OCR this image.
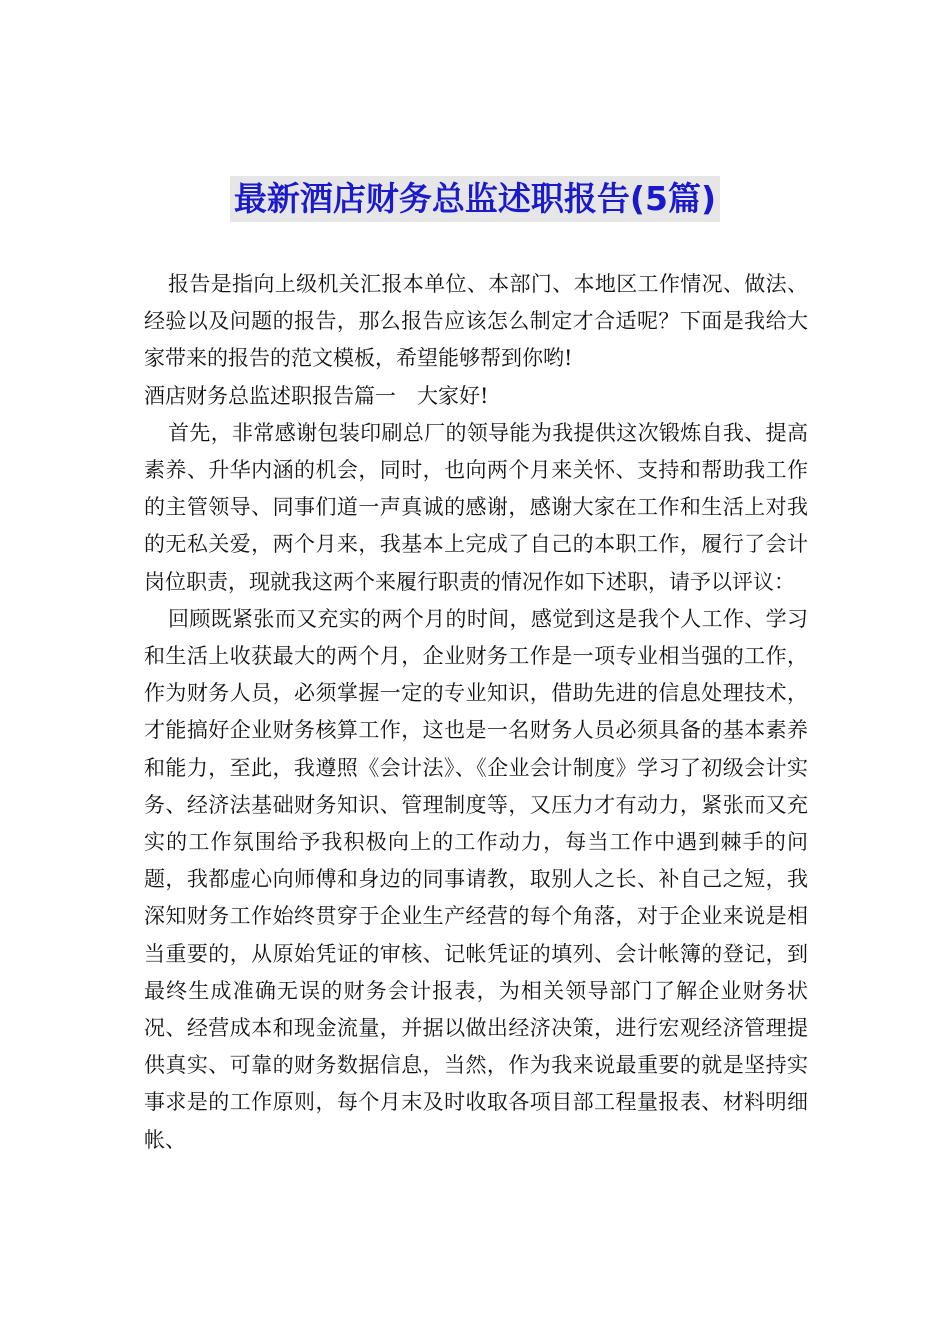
最新酒店财务总监述职报告(5篇)

报告是指向上级机关汇报本单位、本部门、本地区工作情况、做法、经验以及问题的报告，那么报告应该怎么制定才合适呢？下面是我给大家带来的报告的范文模板，希望能够帮到你哟!

酒店财务总监述职报告篇一　大家好!

首先，非常感谢包装印刷总厂的领导能为我提供这次锻炼自我、提高素养、升华内涵的机会，同时，也向两个月来关怀、支持和帮助我工作的主管领导、同事们道一声真诚的感谢，感谢大家在工作和生活上对我的无私关爱，两个月来，我基本上完成了自己的本职工作，履行了会计岗位职责，现就我这两个来履行职责的情况作如下述职，请予以评议：

回顾既紧张而又充实的两个月的时间，感觉到这是我个人工作、学习和生活上收获最大的两个月，企业财务工作是一项专业相当强的工作，作为财务人员，必须掌握一定的专业知识，借助先进的信息处理技术，才能搞好企业财务核算工作，这也是一名财务人员必须具备的基本素养和能力，至此，我遵照《会计法》、《企业会计制度》学习了初级会计实务、经济法基础财务知识、管理制度等，又压力才有动力，紧张而又充实的工作氛围给予我积极向上的工作动力，每当工作中遇到棘手的问题，我都虚心向师傅和身边的同事请教，取别人之长、补自己之短，我深知财务工作始终贯穿于企业生产经营的每个角落，对于企业来说是相当重要的，从原始凭证的审核、记帐凭证的填列、会计帐簿的登记，到最终生成准确无误的财务会计报表，为相关领导部门了解企业财务状况、经营成本和现金流量，并据以做出经济决策，进行宏观经济管理提供真实、可靠的财务数据信息，当然，作为我来说最重要的就是坚持实事求是的工作原则，每个月末及时收取各项目部工程量报表、材料明细帐、
